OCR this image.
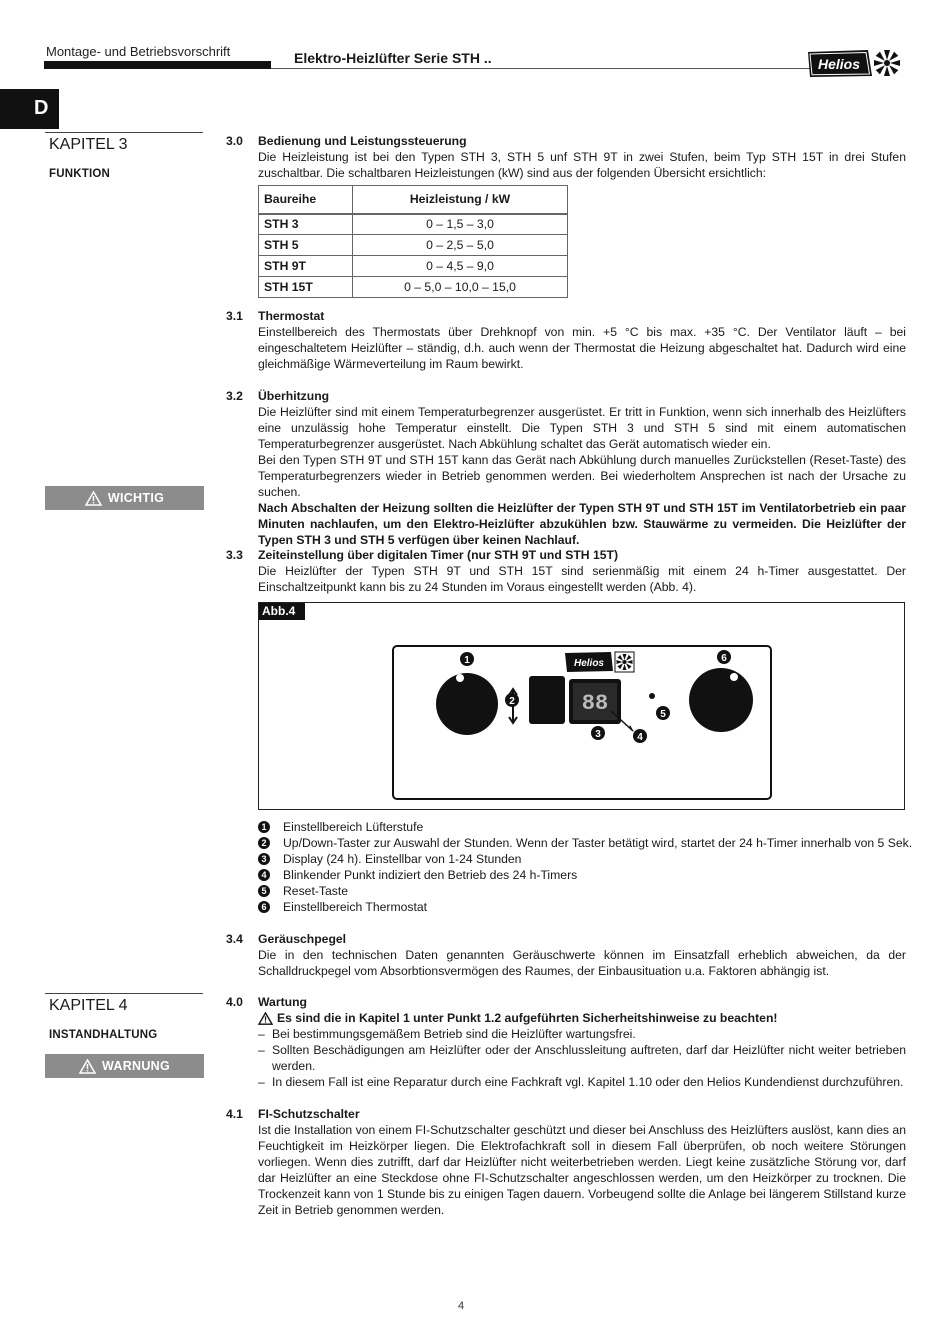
Montage- und Betriebsvorschrift	Elektro-Heizlüfter Serie STH ..	Helios
D
KAPITEL 3
FUNKTION
WICHTIG
KAPITEL 4
INSTANDHALTUNG
WARNUNG
3.0 Bedienung und Leistungssteuerung

Die Heizleistung ist bei den Typen STH 3, STH 5 unf STH 9T in zwei Stufen, beim Typ STH 15T in drei Stufen zuschaltbar. Die schaltbaren Heizleistungen (kW) sind aus der folgenden Übersicht ersichtlich:

Baureihe	Heizleistung / kW
STH 3	0 – 1,5 – 3,0
STH 5	0 – 2,5 – 5,0
STH 9T	0 – 4,5 – 9,0
STH 15T	0 – 5,0 – 10,0 – 15,0
3.1 Thermostat

Einstellbereich des Thermostats über Drehknopf von min. +5 °C bis max. +35 °C. Der Ventilator läuft – bei eingeschaltetem Heizlüfter – ständig, d.h. auch wenn der Thermostat die Heizung abgeschaltet hat. Dadurch wird eine gleichmäßige Wärmeverteilung im Raum bewirkt.

3.2 Überhitzung

Die Heizlüfter sind mit einem Temperaturbegrenzer ausgerüstet. Er tritt in Funktion, wenn sich innerhalb des Heizlüfters eine unzulässig hohe Temperatur einstellt. Die Typen STH 3 und STH 5 sind mit einem automatischen Temperaturbegrenzer ausgerüstet. Nach Abkühlung schaltet das Gerät automatisch wieder ein.

Bei den Typen STH 9T und STH 15T kann das Gerät nach Abkühlung durch manuelles Zurückstellen (Reset-Taste) des Temperaturbegrenzers wieder in Betrieb genommen werden. Bei wiederholtem Ansprechen ist nach der Ursache zu suchen.

Nach Abschalten der Heizung sollten die Heizlüfter der Typen STH 9T und STH 15T im Ventilatorbetrieb ein paar Minuten nachlaufen, um den Elektro-Heizlüfter abzukühlen bzw. Stauwärme zu vermeiden. Die Heizlüfter der Typen STH 3 und STH 5 verfügen über keinen Nachlauf.

3.3 Zeiteinstellung über digitalen Timer (nur STH 9T und STH 15T)

Die Heizlüfter der Typen STH 9T und STH 15T sind serienmäßig mit einem 24 h-Timer ausgestattet. Der Einschaltzeitpunkt kann bis zu 24 Stunden im Voraus eingestellt werden (Abb. 4).

88
Helios
1
2
3	4
5
6
Abb.4
1 Einstellbereich Lüfterstufe
2 Up/Down-Taster zur Auswahl der Stunden. Wenn der Taster betätigt wird, startet der 24 h-Timer innerhalb von 5 Sek.
3 Display (24 h). Einstellbar von 1-24 Stunden
4 Blinkender Punkt indiziert den Betrieb des 24 h-Timers
5 Reset-Taste
6 Einstellbereich Thermostat
3.4 Geräuschpegel

Die in den technischen Daten genannten Geräuschwerte können im Einsatzfall erheblich abweichen, da der Schalldruckpegel vom Absorbtionsvermögen des Raumes, der Einbausituation u.a. Faktoren abhängig ist.

4.0 Wartung
Es sind die in Kapitel 1 unter Punkt 1.2 aufgeführten Sicherheitshinweise zu beachten!
– Bei bestimmungsgemäßem Betrieb sind die Heizlüfter wartungsfrei.

– Sollten Beschädigungen am Heizlüfter oder der Anschlussleitung auftreten, darf dar Heizlüfter nicht weiter betrieben werden.

– In diesem Fall ist eine Reparatur durch eine Fachkraft vgl. Kapitel 1.10 oder den Helios Kundendienst durchzuführen.

4.1 FI-Schutzschalter

Ist die Installation von einem FI-Schutzschalter geschützt und dieser bei Anschluss des Heizlüfters auslöst, kann dies an Feuchtigkeit im Heizkörper liegen. Die Elektrofachkraft soll in diesem Fall überprüfen, ob noch weitere Störungen vorliegen. Wenn dies zutrifft, darf dar Heizlüfter nicht weiterbetrieben werden. Liegt keine zusätzliche Störung vor, darf dar Heizlüfter an eine Steckdose ohne FI-Schutzschalter angeschlossen werden, um den Heizkörper zu trocknen. Die Trockenzeit kann von 1 Stunde bis zu einigen Tagen dauern. Vorbeugend sollte die Anlage bei längerem Stillstand kurze Zeit in Betrieb genommen werden.

4
